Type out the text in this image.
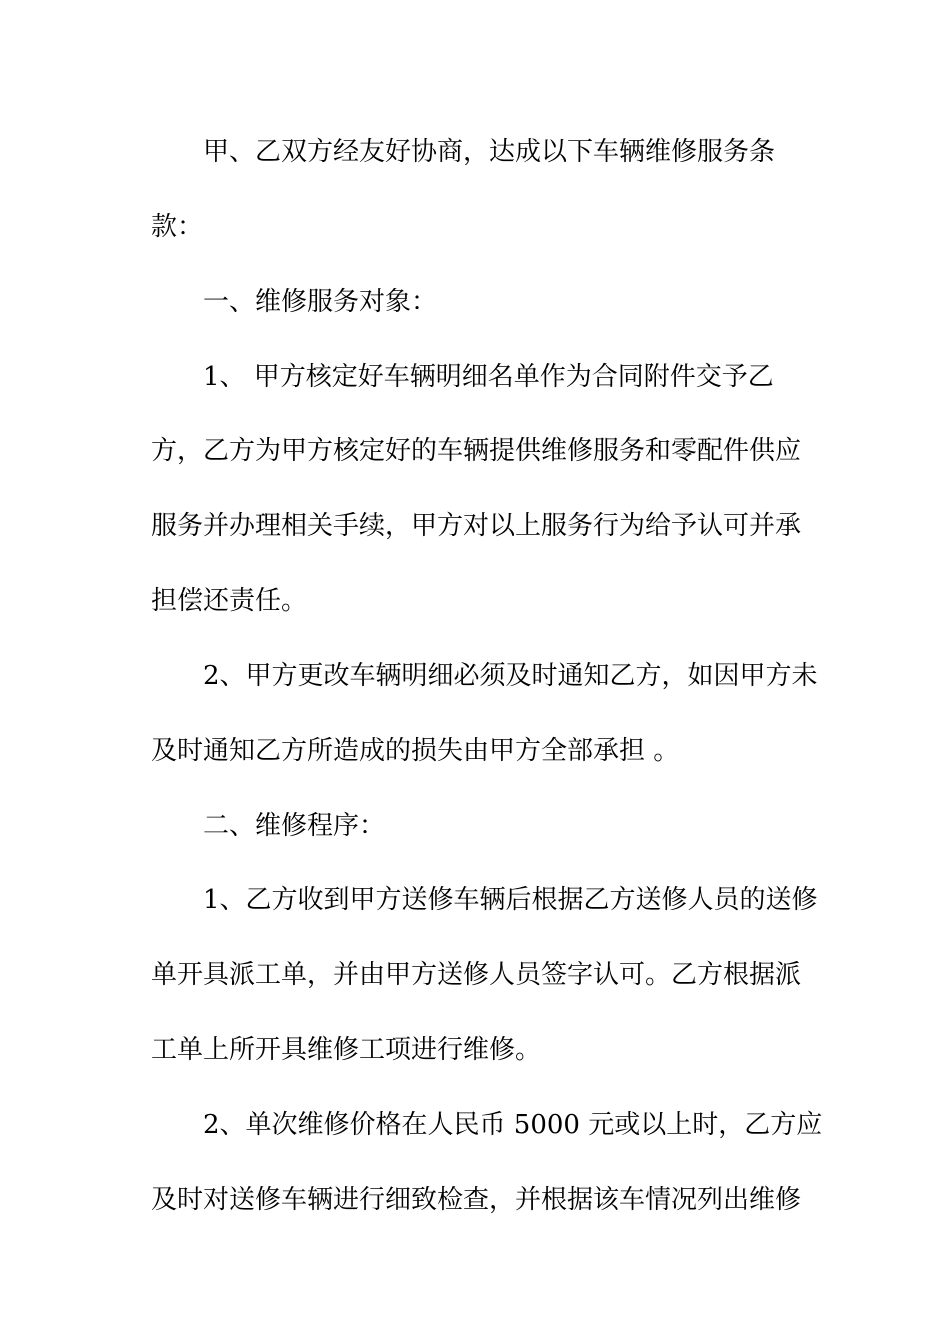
甲、乙双方经友好协商，达成以下车辆维修服务条
款：
一、维修服务对象：
1、 甲方核定好车辆明细名单作为合同附件交予乙
方，乙方为甲方核定好的车辆提供维修服务和零配件供应
服务并办理相关手续，甲方对以上服务行为给予认可并承
担偿还责任。
2、甲方更改车辆明细必须及时通知乙方，如因甲方未
及时通知乙方所造成的损失由甲方全部承担 。
二、维修程序：
1、乙方收到甲方送修车辆后根据乙方送修人员的送修
单开具派工单，并由甲方送修人员签字认可。乙方根据派
工单上所开具维修工项进行维修。
2、单次维修价格在人民币 5000 元或以上时，乙方应
及时对送修车辆进行细致检查，并根据该车情况列出维修
